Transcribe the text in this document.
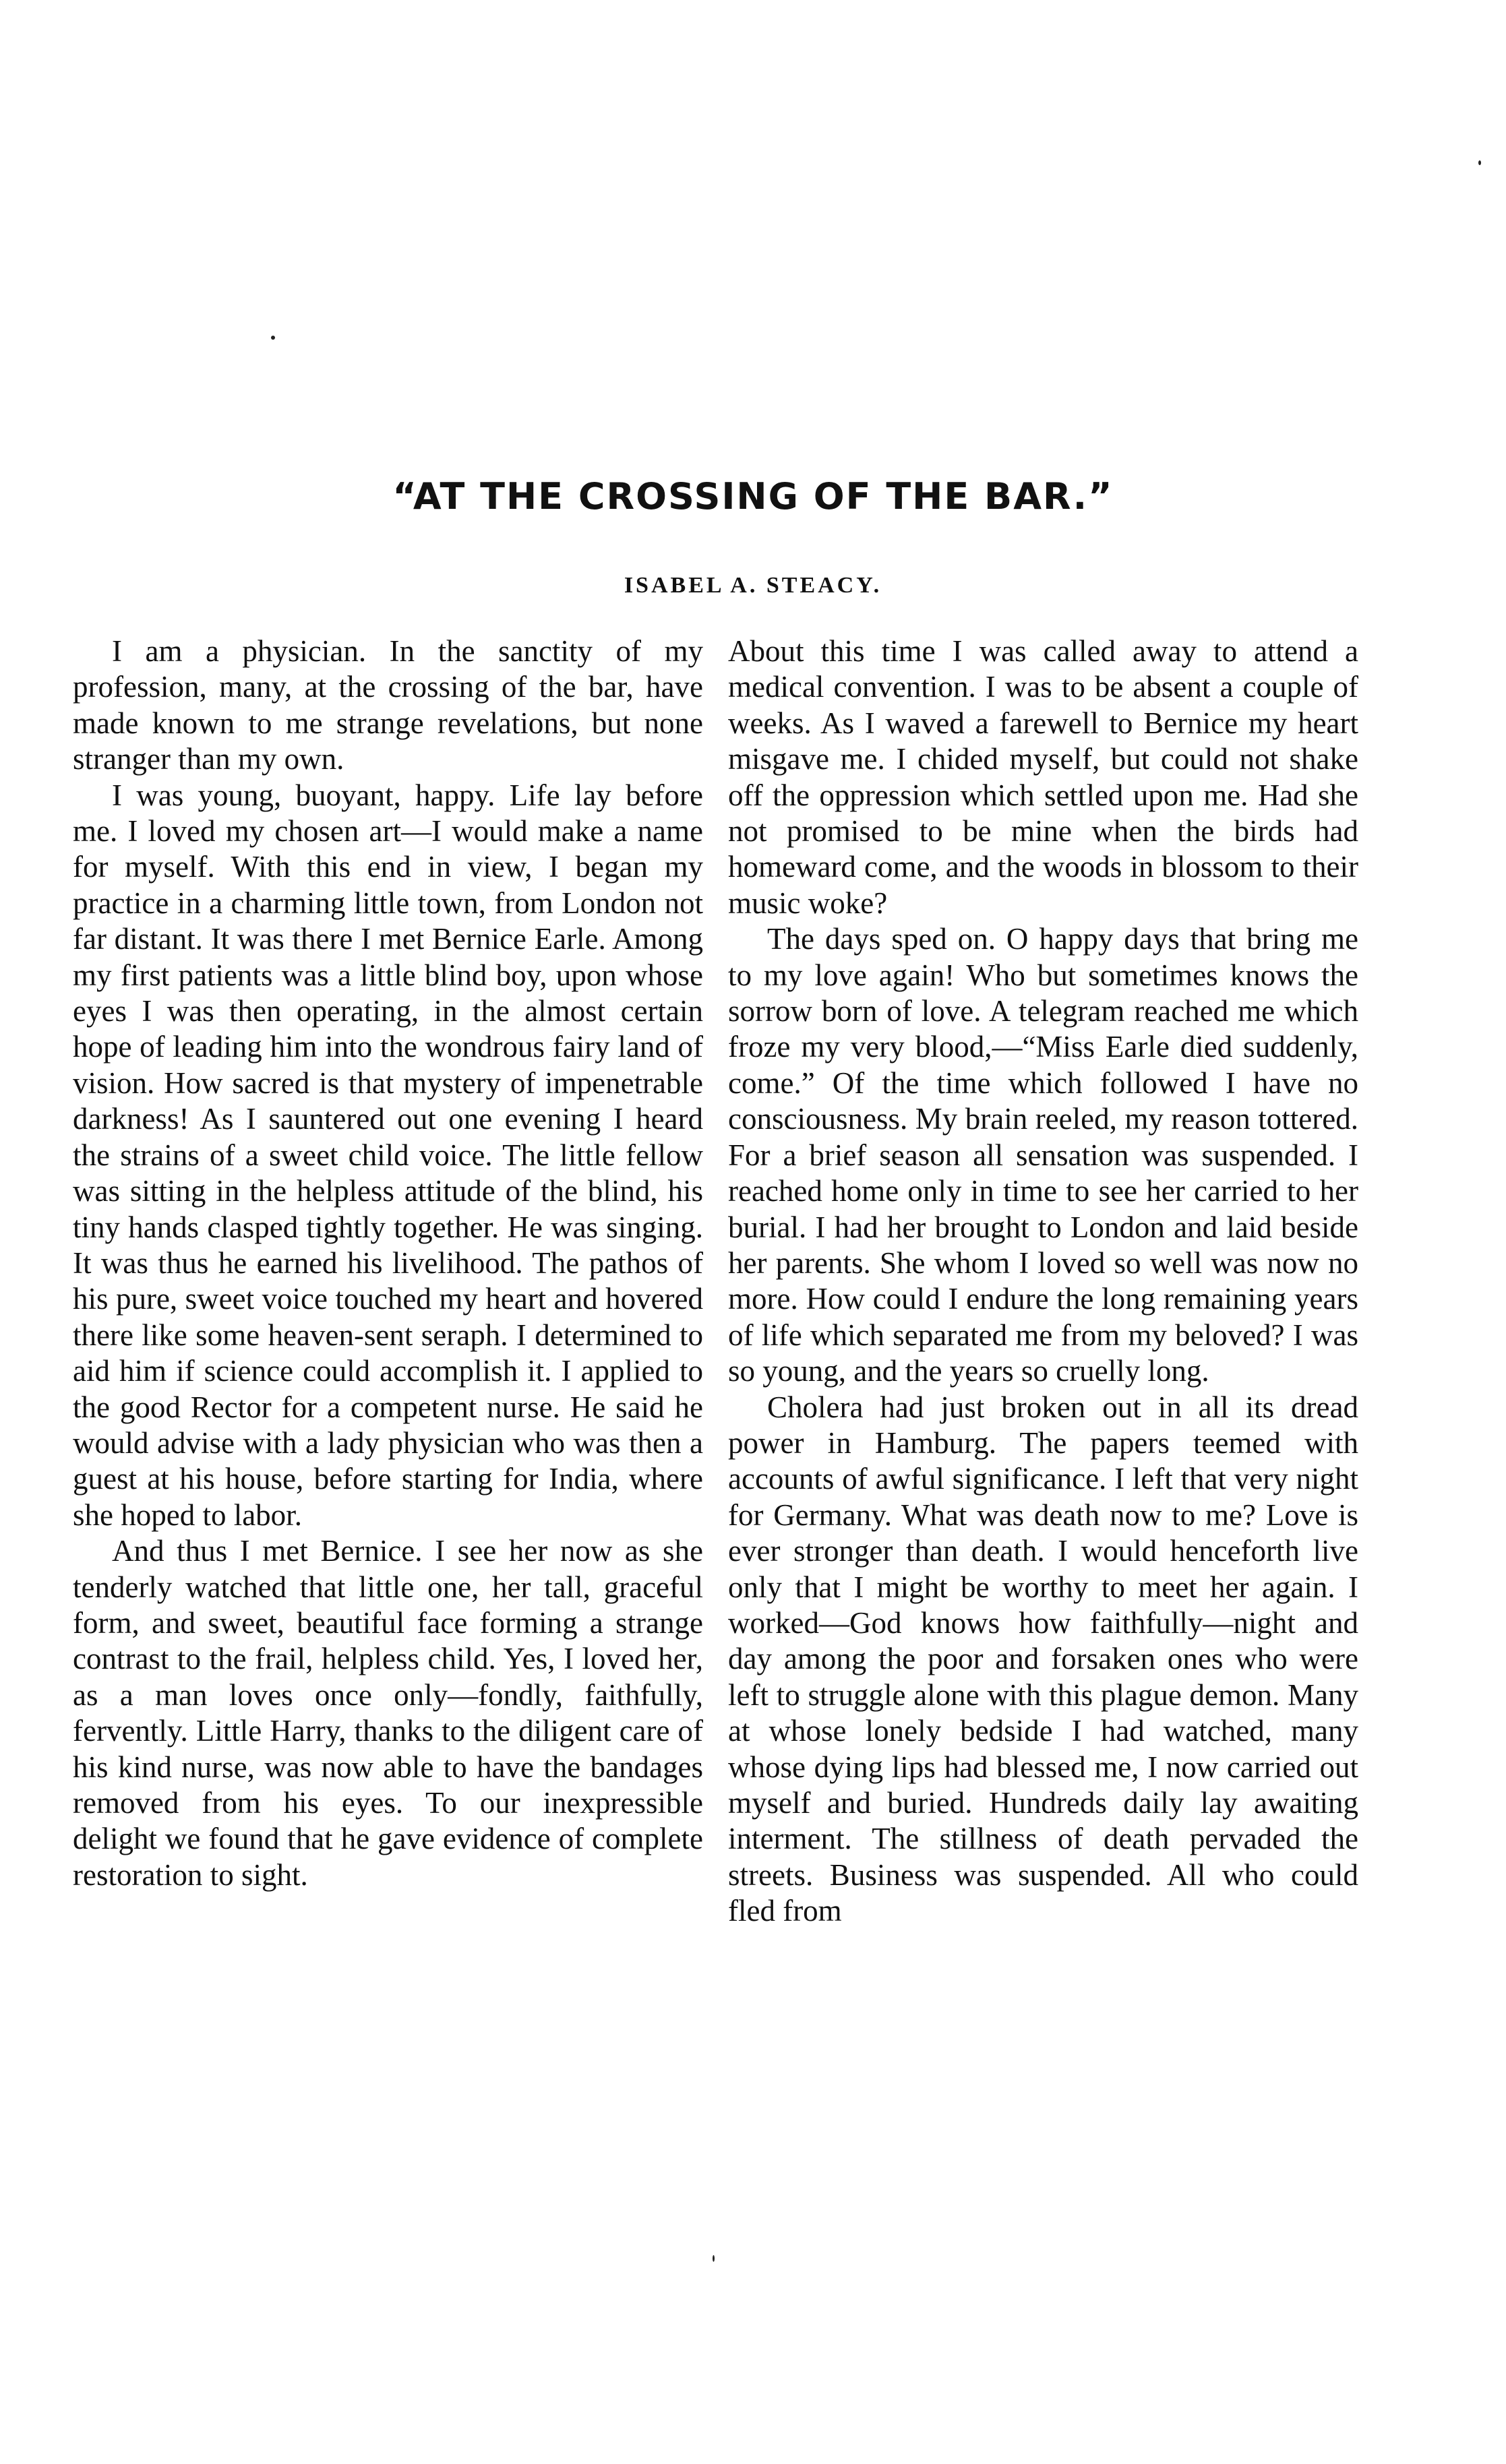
“AT THE CROSSING OF THE BAR.”
ISABEL A. STEACY.

I am a physician. In the sanctity of my profession, many, at the crossing of the bar, have made known to me strange revelations, but none stranger than my own.

I was young, buoyant, happy. Life lay before me. I loved my chosen art—I would make a name for myself. With this end in view, I began my practice in a charming little town, from London not far distant. It was there I met Bernice Earle. Among my first patients was a little blind boy, upon whose eyes I was then operating, in the almost certain hope of leading him into the wondrous fairy land of vision. How sacred is that mystery of impenetrable darkness! As I sauntered out one evening I heard the strains of a sweet child voice. The little fellow was sitting in the helpless attitude of the blind, his tiny hands clasped tightly together. He was singing. It was thus he earned his livelihood. The pathos of his pure, sweet voice touched my heart and hovered there like some heaven-sent seraph. I determined to aid him if science could accomplish it. I applied to the good Rector for a competent nurse. He said he would advise with a lady physician who was then a guest at his house, before starting for India, where she hoped to labor.

And thus I met Bernice. I see her now as she tenderly watched that little one, her tall, graceful form, and sweet, beautiful face forming a strange contrast to the frail, helpless child. Yes, I loved her, as a man loves once only—fondly, faithfully, fervently. Little Harry, thanks to the diligent care of his kind nurse, was now able to have the bandages removed from his eyes. To our inexpressible delight we found that he gave evidence of complete restoration to sight.

About this time I was called away to attend a medical convention. I was to be absent a couple of weeks. As I waved a farewell to Bernice my heart misgave me. I chided myself, but could not shake off the oppression which settled upon me. Had she not promised to be mine when the birds had homeward come, and the woods in blossom to their music woke?

The days sped on. O happy days that bring me to my love again! Who but sometimes knows the sorrow born of love. A telegram reached me which froze my very blood,—“Miss Earle died suddenly, come.” Of the time which followed I have no consciousness. My brain reeled, my reason tottered. For a brief season all sensation was suspended. I reached home only in time to see her carried to her burial. I had her brought to London and laid beside her parents. She whom I loved so well was now no more. How could I endure the long remaining years of life which separated me from my beloved? I was so young, and the years so cruelly long.

Cholera had just broken out in all its dread power in Hamburg. The papers teemed with accounts of awful significance. I left that very night for Germany. What was death now to me? Love is ever stronger than death. I would henceforth live only that I might be worthy to meet her again. I worked—God knows how faithfully—night and day among the poor and forsaken ones who were left to struggle alone with this plague demon. Many at whose lonely bedside I had watched, many whose dying lips had blessed me, I now carried out myself and buried. Hundreds daily lay awaiting interment. The stillness of death pervaded the streets. Business was suspended. All who could fled from
